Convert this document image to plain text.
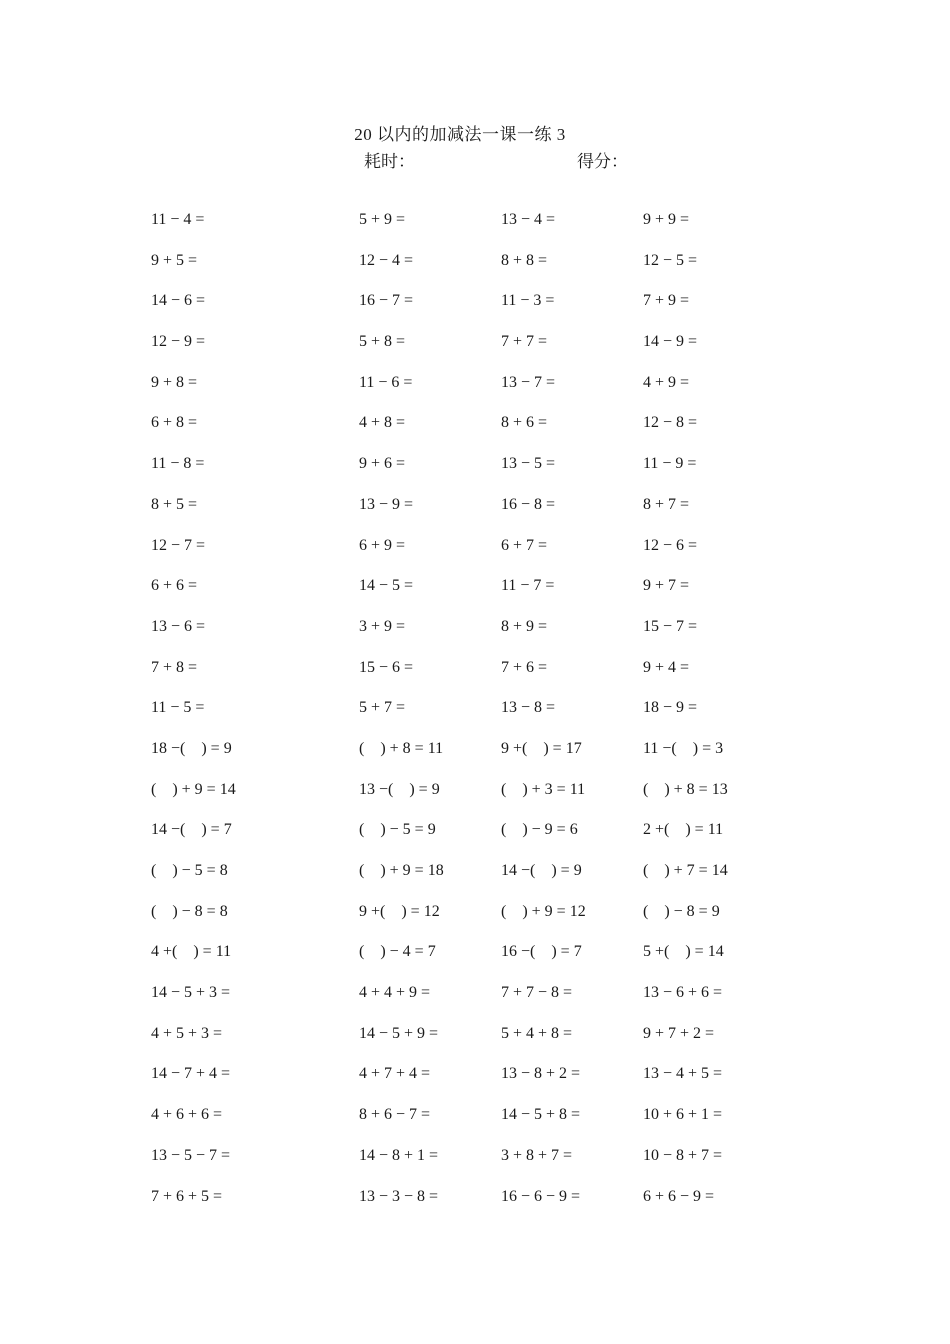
20 以内的加减法一课一练 3
耗时：	得分：
11 − 4 =	5 + 9 =	13 − 4 =	9 + 9 =
9 + 5 =	12 − 4 =	8 + 8 =	12 − 5 =
14 − 6 =	16 − 7 =	11 − 3 =	7 + 9 =
12 − 9 =	5 + 8 =	7 + 7 =	14 − 9 =
9 + 8 =	11 − 6 =	13 − 7 =	4 + 9 =
6 + 8 =	4 + 8 =	8 + 6 =	12 − 8 =
11 − 8 =	9 + 6 =	13 − 5 =	11 − 9 =
8 + 5 =	13 − 9 =	16 − 8 =	8 + 7 =
12 − 7 =	6 + 9 =	6 + 7 =	12 − 6 =
6 + 6 =	14 − 5 =	11 − 7 =	9 + 7 =
13 − 6 =	3 + 9 =	8 + 9 =	15 − 7 =
7 + 8 =	15 − 6 =	7 + 6 =	9 + 4 =
11 − 5 =	5 + 7 =	13 − 8 =	18 − 9 =
18 −(    ) = 9	(    ) + 8 = 11	9 +(    ) = 17	11 −(    ) = 3
(    ) + 9 = 14	13 −(    ) = 9	(    ) + 3 = 11	(    ) + 8 = 13
14 −(    ) = 7	(    ) − 5 = 9	(    ) − 9 = 6	2 +(    ) = 11
(    ) − 5 = 8	(    ) + 9 = 18	14 −(    ) = 9	(    ) + 7 = 14
(    ) − 8 = 8	9 +(    ) = 12	(    ) + 9 = 12	(    ) − 8 = 9
4 +(    ) = 11	(    ) − 4 = 7	16 −(    ) = 7	5 +(    ) = 14
14 − 5 + 3 =	4 + 4 + 9 =	7 + 7 − 8 =	13 − 6 + 6 =
4 + 5 + 3 =	14 − 5 + 9 =	5 + 4 + 8 =	9 + 7 + 2 =
14 − 7 + 4 =	4 + 7 + 4 =	13 − 8 + 2 =	13 − 4 + 5 =
4 + 6 + 6 =	8 + 6 − 7 =	14 − 5 + 8 =	10 + 6 + 1 =
13 − 5 − 7 =	14 − 8 + 1 =	3 + 8 + 7 =	10 − 8 + 7 =
7 + 6 + 5 =	13 − 3 − 8 =	16 − 6 − 9 =	6 + 6 − 9 =
